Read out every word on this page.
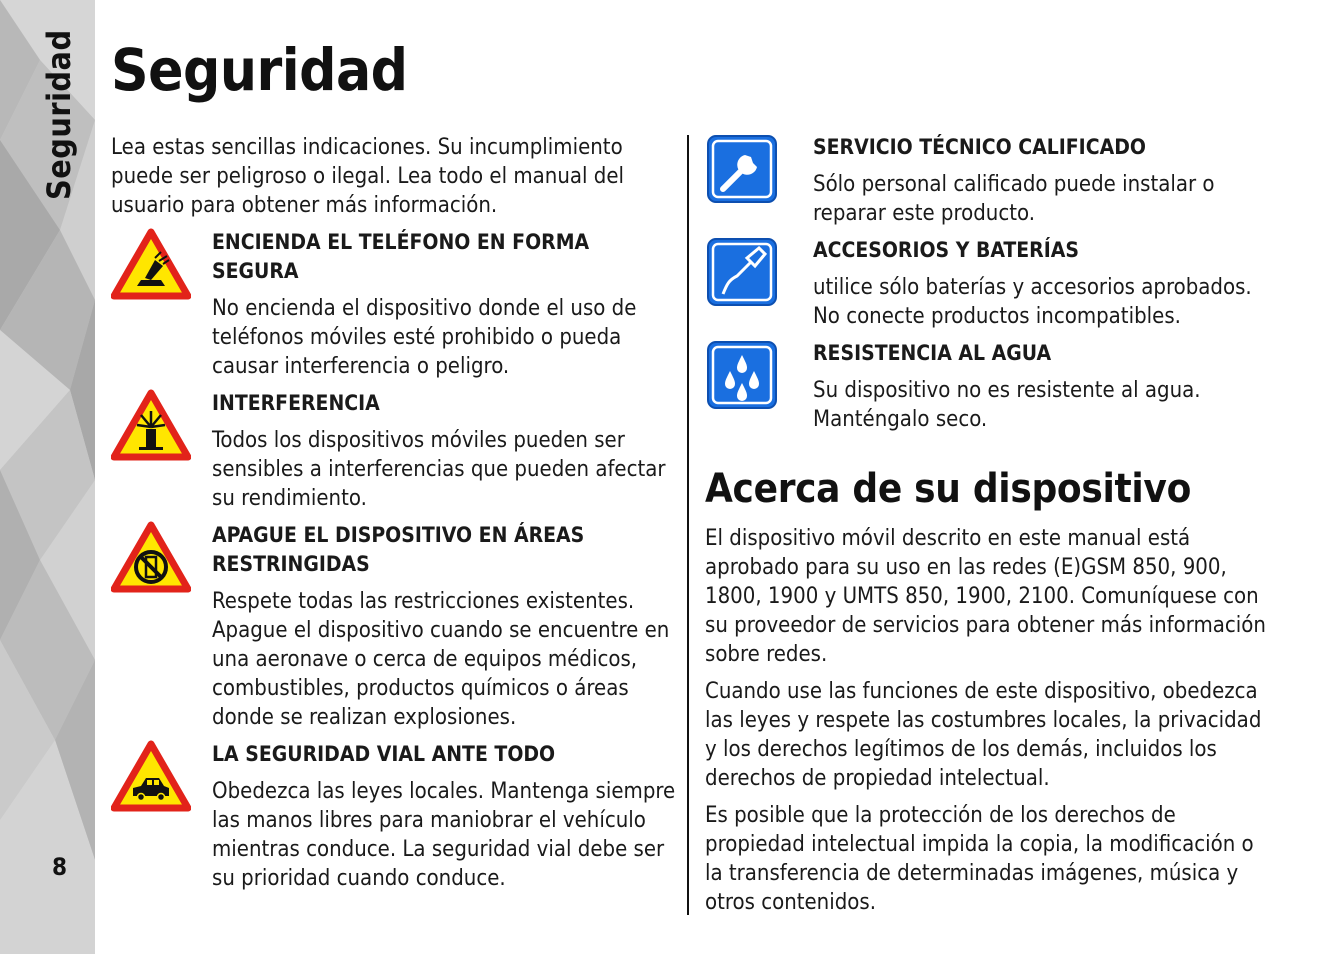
Seguridad
8
Seguridad

Lea estas sencillas indicaciones. Su incumplimiento puede ser peligroso o ilegal. Lea todo el manual del usuario para obtener más información.

ENCIENDA EL TELÉFONO EN FORMA SEGURA

No encienda el dispositivo donde el uso de teléfonos móviles esté prohibido o pueda causar interferencia o peligro.

INTERFERENCIA

Todos los dispositivos móviles pueden ser sensibles a interferencias que pueden afectar su rendimiento.

APAGUE EL DISPOSITIVO EN ÁREAS RESTRINGIDAS

Respete todas las restricciones existentes. Apague el dispositivo cuando se encuentre en una aeronave o cerca de equipos médicos, combustibles, productos químicos o áreas donde se realizan explosiones.

LA SEGURIDAD VIAL ANTE TODO

Obedezca las leyes locales. Mantenga siempre las manos libres para maniobrar el vehículo mientras conduce. La seguridad vial debe ser su prioridad cuando conduce.

SERVICIO TÉCNICO CALIFICADO

Sólo personal calificado puede instalar o reparar este producto.

ACCESORIOS Y BATERÍAS

utilice sólo baterías y accesorios aprobados. No conecte productos incompatibles.

RESISTENCIA AL AGUA

Su dispositivo no es resistente al agua. Manténgalo seco.

Acerca de su dispositivo

El dispositivo móvil descrito en este manual está aprobado para su uso en las redes (E)GSM 850, 900, 1800, 1900 y UMTS 850, 1900, 2100. Comuníquese con su proveedor de servicios para obtener más información sobre redes.

Cuando use las funciones de este dispositivo, obedezca las leyes y respete las costumbres locales, la privacidad y los derechos legítimos de los demás, incluidos los derechos de propiedad intelectual.

Es posible que la protección de los derechos de propiedad intelectual impida la copia, la modificación o la transferencia de determinadas imágenes, música y otros contenidos.
